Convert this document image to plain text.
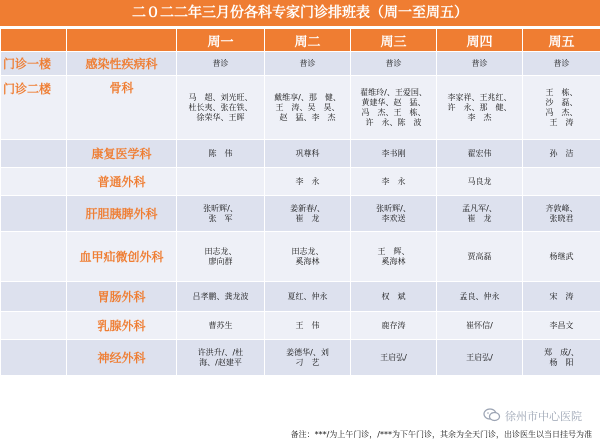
二０二二年三月份各科专家门诊排班表（周一至周五）
		周一	周二	周三	周四	周五
门诊一楼	感染性疾病科	普诊	普诊	普诊	普诊	普诊
门诊二楼	骨科	马　超、刘光旺、
杜长夷、张在铁、
徐荣华、王晖	戴维享/、那　健、
王　涛、吴　昊、
赵　猛、李　杰	翟维玲/、王爱国、
黄建华、赵　猛、
冯　杰、王　栋、
许　永、陈　波	李家祥、王兆红、
许　永、那　健、
李　杰	王　栋、
沙　磊、
冯　杰、
王　涛
	康复医学科	陈　伟	巩尊科	李书刚	翟宏伟	孙　洁
	普通外科		李　永	李　永	马良龙	
	肝胆胰脾外科	张昕辉/、
张　军	姜新春/、
崔　龙	张昕辉/、
李欢送	孟凡军/、
崔　龙	齐敦峰、
张晓君
	血甲疝微创外科	田志龙、
廖向群	田志龙、
奚海林	王　辉、
奚海林	贾高磊	杨继武
	胃肠外科	吕孝鹏、龚龙波	夏红、仲永	权　斌	孟良、仲永	宋　涛
	乳腺外科	曹苏生	王　伟	鹿存涛	崔怀信/	李昌文
	神经外科	许洪升/、/杜
海、/赵建平	姜德华/、刘
刁　艺	王启弘/	王启弘/	郑　成/、
杨　阳
徐州市中心医院
备注：***/为上午门诊，/***为下午门诊，其余为全天门诊，出诊医生以当日挂号为准
